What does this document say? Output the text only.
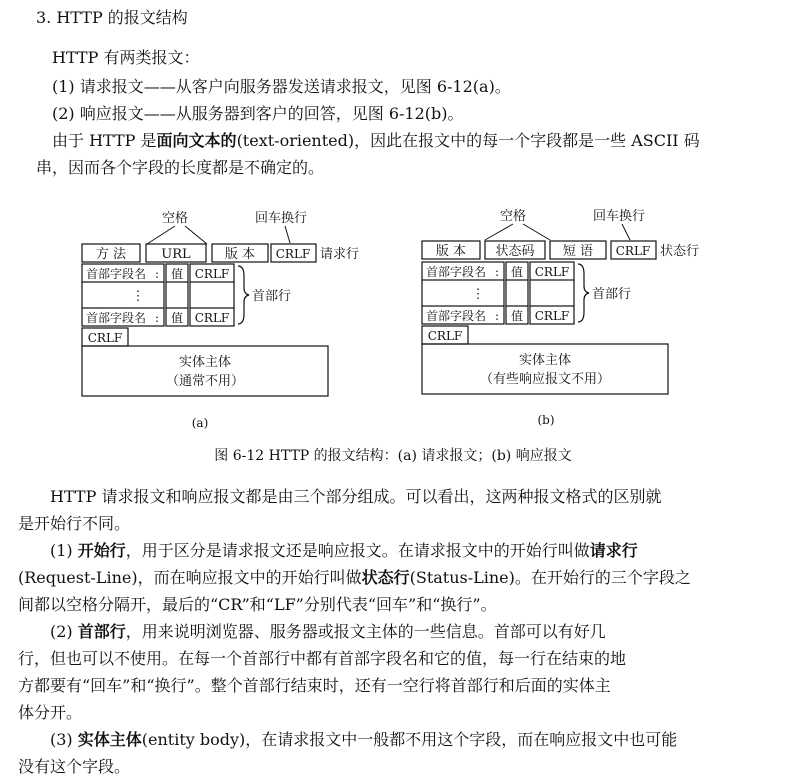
3. HTTP 的报文结构
HTTP 有两类报文：
(1) 请求报文——从客户向服务器发送请求报文，见图 6-12(a)。
(2) 响应报文——从服务器到客户的回答，见图 6-12(b)。
由于 HTTP 是面向文本的(text-oriented)，因此在报文中的每一个字段都是一些 ASCII 码
串，因而各个字段的长度都是不确定的。
空格	回车换行
方 法	URL	版 本 CRLF 请求行
首部字段名 : 值 CRLF
⋮
首部字段名 : 值 CRLF
首部行
CRLF
实体主体
（通常不用）
(a)
空格	回车换行
版 本 状态码 短 语 CRLF 状态行
首部字段名 : 值 CRLF
⋮
首部字段名 : 值 CRLF
首部行
CRLF
实体主体
（有些响应报文不用）
(b)
图 6-12 HTTP 的报文结构：(a) 请求报文；(b) 响应报文
HTTP 请求报文和响应报文都是由三个部分组成。可以看出，这两种报文格式的区别就
是开始行不同。
(1) 开始行，用于区分是请求报文还是响应报文。在请求报文中的开始行叫做请求行
(Request-Line)，而在响应报文中的开始行叫做状态行(Status-Line)。在开始行的三个字段之
间都以空格分隔开，最后的“CR”和“LF”分别代表“回车”和“换行”。
(2) 首部行，用来说明浏览器、服务器或报文主体的一些信息。首部可以有好几
行，但也可以不使用。在每一个首部行中都有首部字段名和它的值，每一行在结束的地
方都要有“回车”和“换行”。整个首部行结束时，还有一空行将首部行和后面的实体主
体分开。
(3) 实体主体(entity body)，在请求报文中一般都不用这个字段，而在响应报文中也可能
没有这个字段。
